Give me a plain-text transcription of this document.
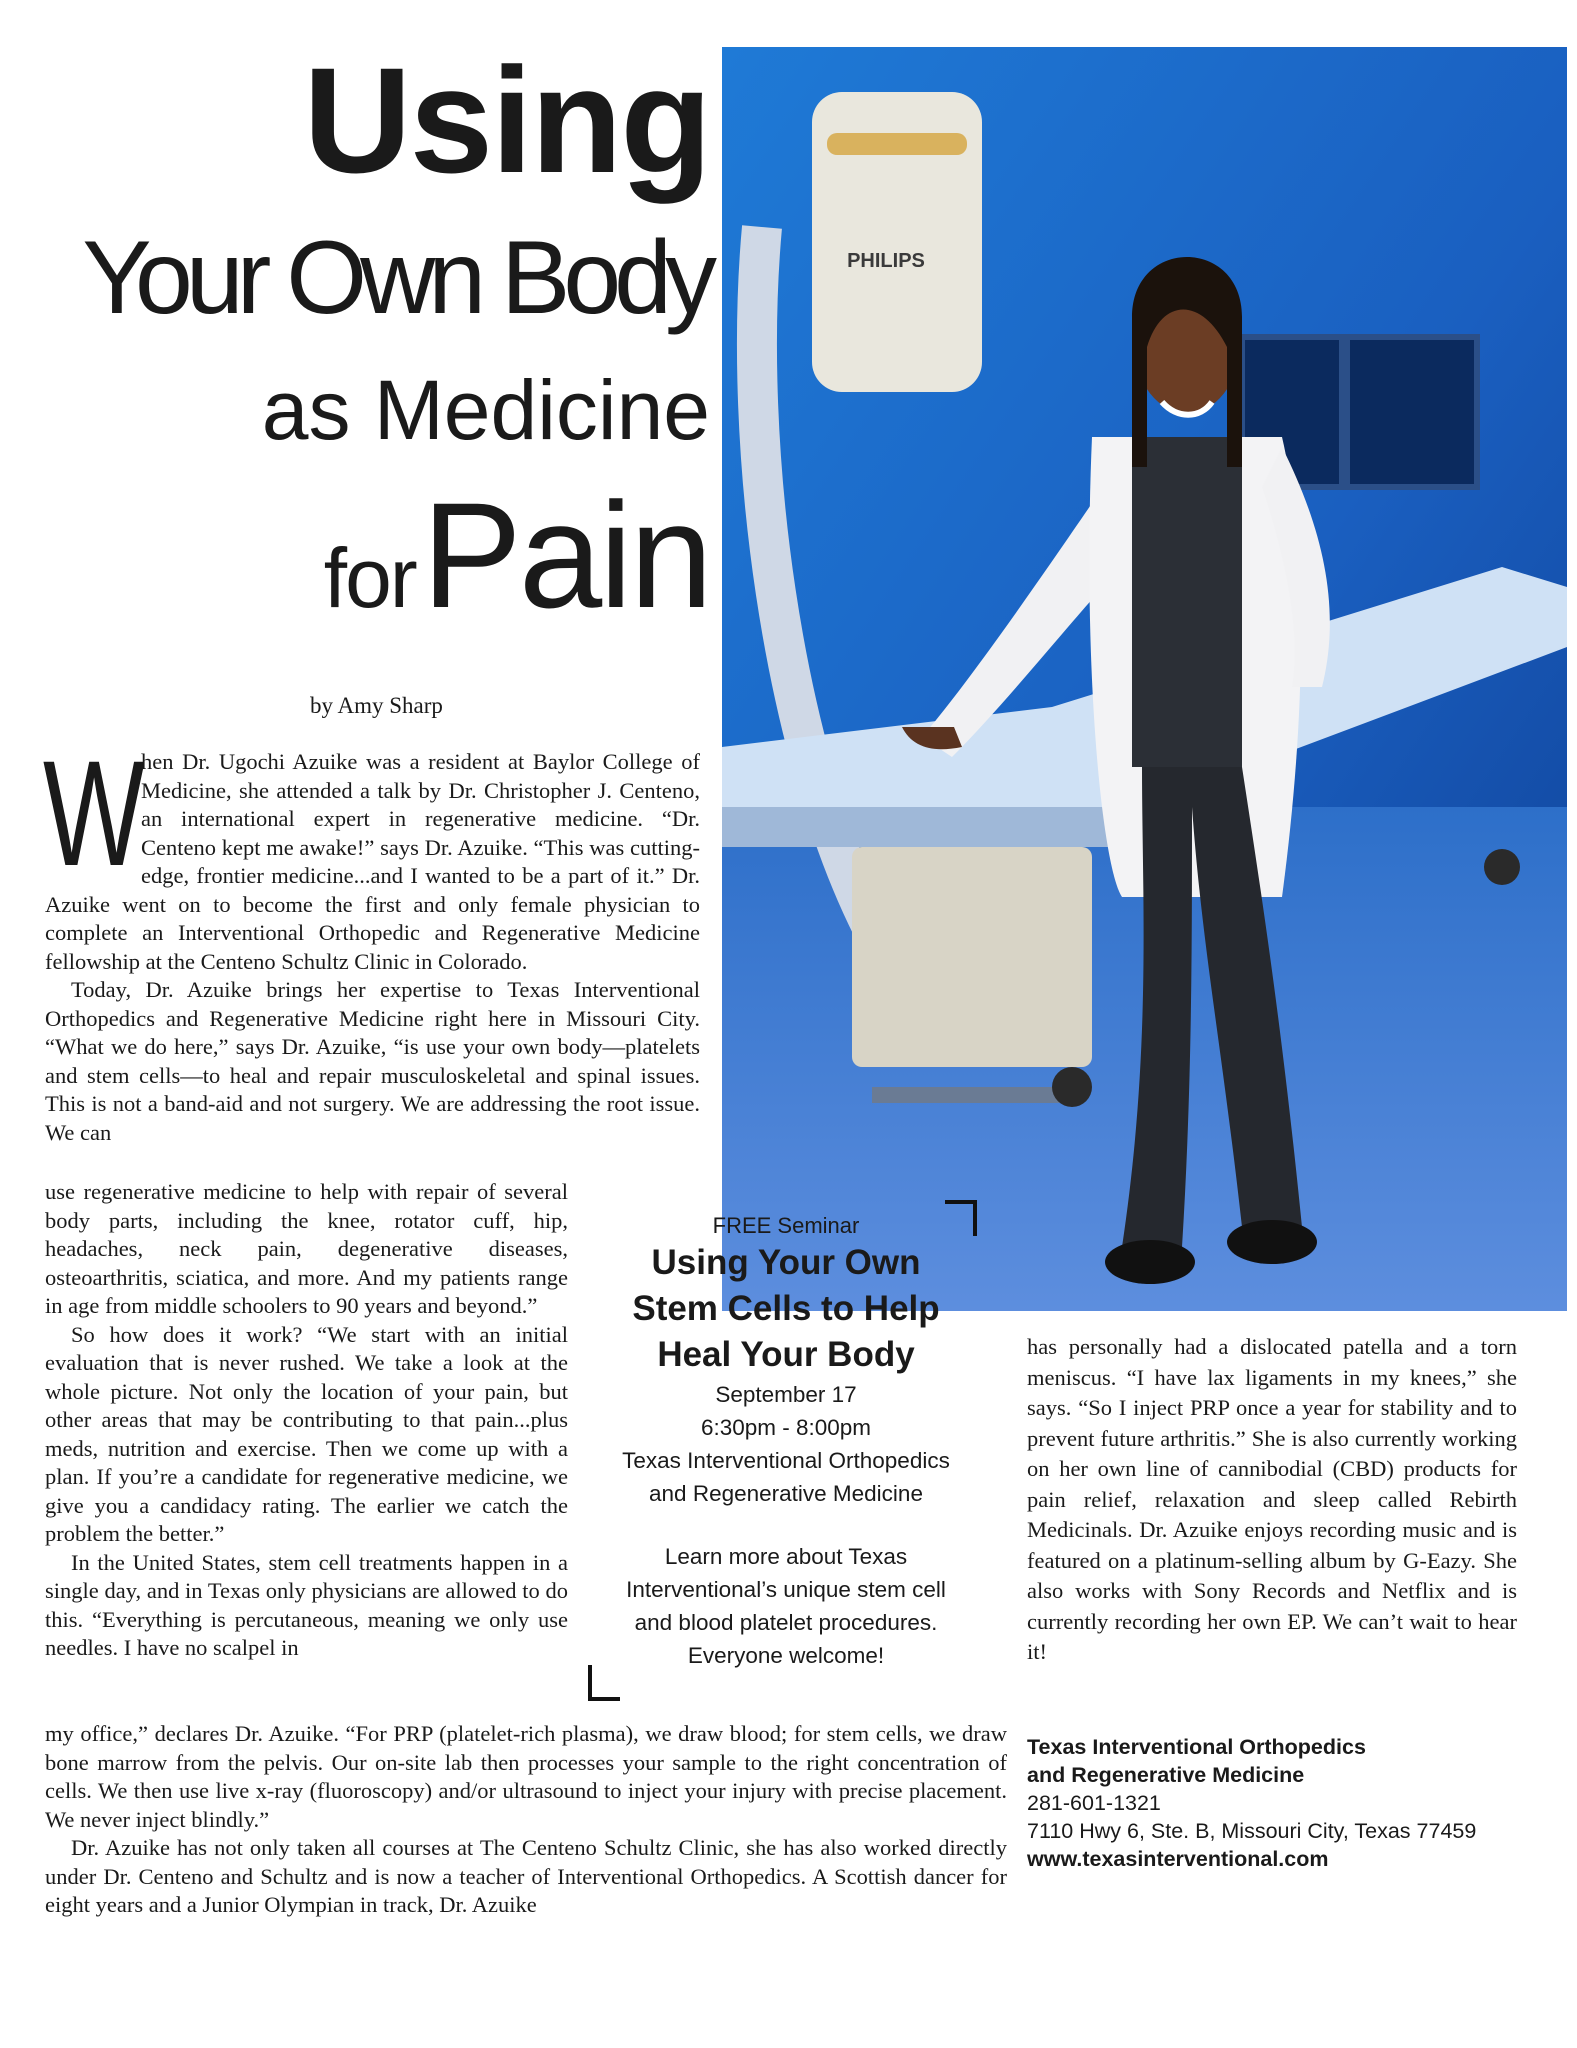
Using
Your Own Body
as Medicine
forPain
by Amy Sharp
PHILIPS

W
hen Dr. Ugochi Azuike was a resident at Baylor College of Medicine, she attended a talk by Dr. Christopher J. Centeno, an international expert in regenerative medicine. “Dr. Centeno kept me awake!” says Dr. Azuike. “This was cutting-edge, frontier medicine...and I wanted to be a part of it.” Dr. Azuike went on to become the first and only female physician to complete an Interventional Orthopedic and Regenerative Medicine fellowship at the Centeno Schultz Clinic in Colorado.

Today, Dr. Azuike brings her expertise to Texas Interventional Orthopedics and Regenerative Medicine right here in Missouri City. “What we do here,” says Dr. Azuike, “is use your own body—platelets and stem cells—to heal and repair musculoskeletal and spinal issues. This is not a band-aid and not surgery. We are addressing the root issue. We can

use regenerative medicine to help with repair of several body parts, including the knee, rotator cuff, hip, headaches, neck pain, degenerative diseases, osteoarthritis, sciatica, and more. And my patients range in age from middle schoolers to 90 years and beyond.”

So how does it work? “We start with an initial evaluation that is never rushed. We take a look at the whole picture. Not only the location of your pain, but other areas that may be contributing to that pain...plus meds, nutrition and exercise. Then we come up with a plan. If you’re a candidate for regenerative medicine, we give you a candidacy rating. The earlier we catch the problem the better.”

In the United States, stem cell treatments happen in a single day, and in Texas only physicians are allowed to do this. “Everything is percutaneous, meaning we only use needles. I have no scalpel in

my office,” declares Dr. Azuike. “For PRP (platelet-rich plasma), we draw blood; for stem cells, we draw bone marrow from the pelvis. Our on-site lab then processes your sample to the right concentration of cells. We then use live x-ray (fluoroscopy) and/or ultrasound to inject your injury with precise placement. We never inject blindly.”

Dr. Azuike has not only taken all courses at The Centeno Schultz Clinic, she has also worked directly under Dr. Centeno and Schultz and is now a teacher of Interventional Orthopedics. A Scottish dancer for eight years and a Junior Olympian in track, Dr. Azuike

has personally had a dislocated patella and a torn meniscus. “I have lax ligaments in my knees,” she says. “So I inject PRP once a year for stability and to prevent future arthritis.” She is also currently working on her own line of cannibodial (CBD) products for pain relief, relaxation and sleep called Rebirth Medicinals. Dr. Azuike enjoys recording music and is featured on a platinum-selling album by G-Eazy. She also works with Sony Records and Netflix and is currently recording her own EP. We can’t wait to hear it!
FREE Seminar
Using Your Own
Stem Cells to Help
Heal Your Body
September 17
6:30pm - 8:00pm
Texas Interventional Orthopedics
and Regenerative Medicine
Learn more about Texas
Interventional’s unique stem cell
and blood platelet procedures.
Everyone welcome!
Texas Interventional Orthopedics
and Regenerative Medicine
281-601-1321
7110 Hwy 6, Ste. B, Missouri City, Texas 77459
www.texasinterventional.com
